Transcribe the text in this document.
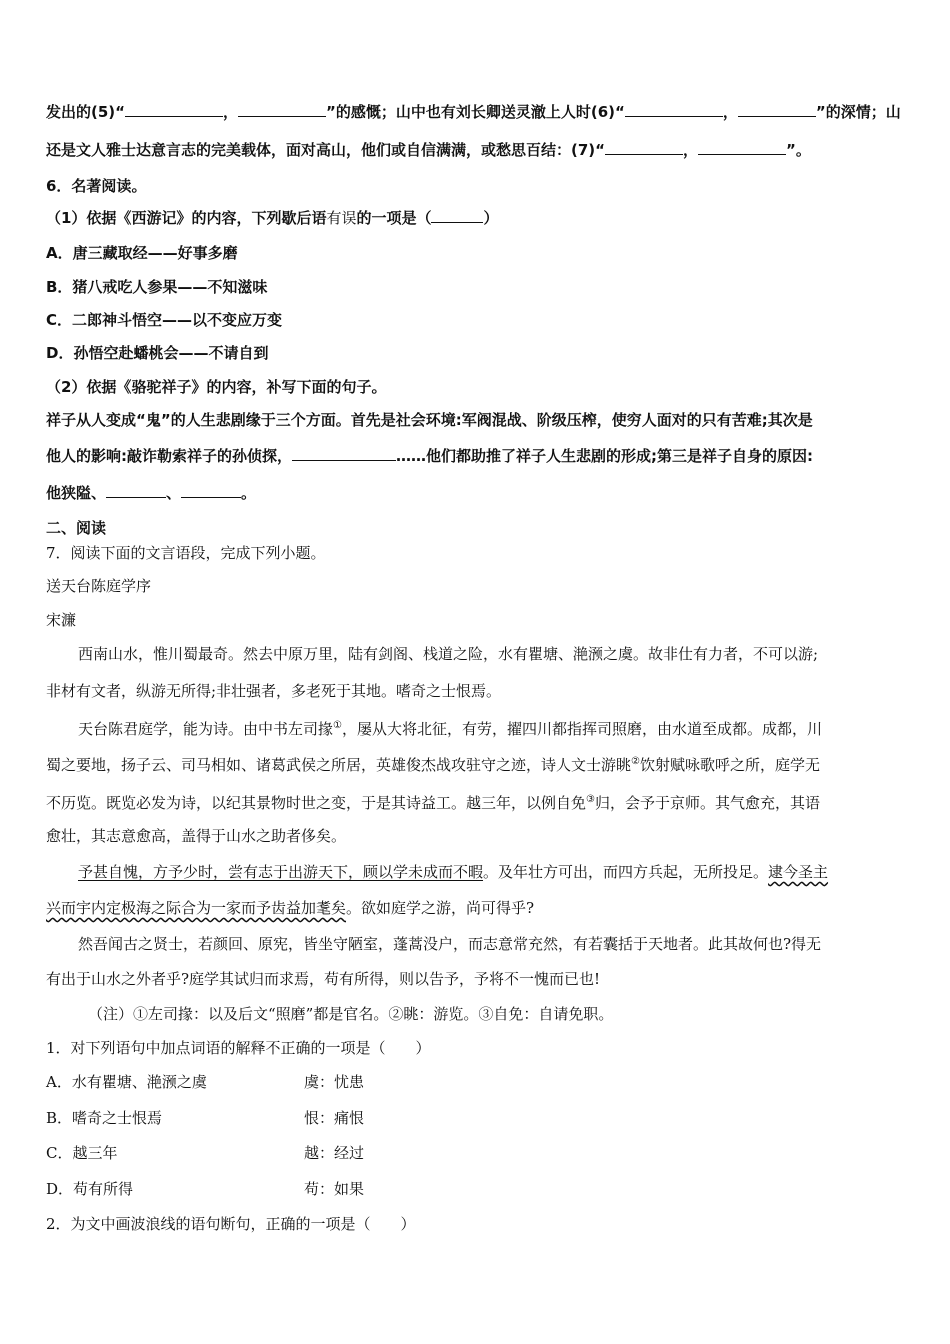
发出的(5)“	，	”的感慨；山中也有刘长卿送灵澈上人时(6)“	，	”的深情；山
还是文人雅士达意言志的完美载体，面对高山，他们或自信满满，或愁思百结：(7)“	，	”。
6．名著阅读。
（1）依据《西游记》的内容，下列歇后语有误的一项是（	）
A．唐三藏取经——好事多磨
B．猪八戒吃人参果——不知滋味
C．二郎神斗悟空——以不变应万变
D．孙悟空赴蟠桃会——不请自到
（2）依据《骆驼祥子》的内容，补写下面的句子。
祥子从人变成“鬼”的人生悲剧缘于三个方面。首先是社会环境:军阀混战、阶级压榨，使穷人面对的只有苦难;其次是
他人的影响:敲诈勒索祥子的孙侦探，	……他们都助推了祥子人生悲剧的形成;第三是祥子自身的原因:
他狭隘、	、	。
二、阅读
7．阅读下面的文言语段，完成下列小题。
送天台陈庭学序
宋濂
西南山水，惟川蜀最奇。然去中原万里，陆有剑阁、栈道之险，水有瞿塘、滟滪之虞。故非仕有力者，不可以游;
非材有文者，纵游无所得;非壮强者，多老死于其地。嗜奇之士恨焉。
天台陈君庭学，能为诗。由中书左司掾①，屡从大将北征，有劳，擢四川都指挥司照磨，由水道至成都。成都，川
蜀之要地，扬子云、司马相如、诸葛武侯之所居，英雄俊杰战攻驻守之迹，诗人文士游眺②饮射赋咏歌呼之所，庭学无
不历览。既览必发为诗，以纪其景物时世之变，于是其诗益工。越三年，以例自免③归，会予于京师。其气愈充，其语
愈壮，其志意愈高，盖得于山水之助者侈矣。
予甚自愧，方予少时，尝有志于出游天下，顾以学未成而不暇。及年壮方可出，而四方兵起，无所投足。逮今圣主
兴而宇内定极海之际合为一家而予齿益加耄矣。欲如庭学之游，尚可得乎?
然吾闻古之贤士，若颜回、原宪，皆坐守陋室，蓬蒿没户，而志意常充然，有若囊括于天地者。此其故何也?得无
有出于山水之外者乎?庭学其试归而求焉，苟有所得，则以告予，予将不一愧而已也!
（注）①左司掾：以及后文“照磨”都是官名。②眺：游览。③自免：自请免职。
1．对下列语句中加点词语的解释不正确的一项是（　　）
A．水有瞿塘、滟滪之虞	虞：忧患
B．嗜奇之士恨焉	恨：痛恨
C．越三年	越：经过
D．苟有所得	苟：如果
2．为文中画波浪线的语句断句，正确的一项是（　　）
